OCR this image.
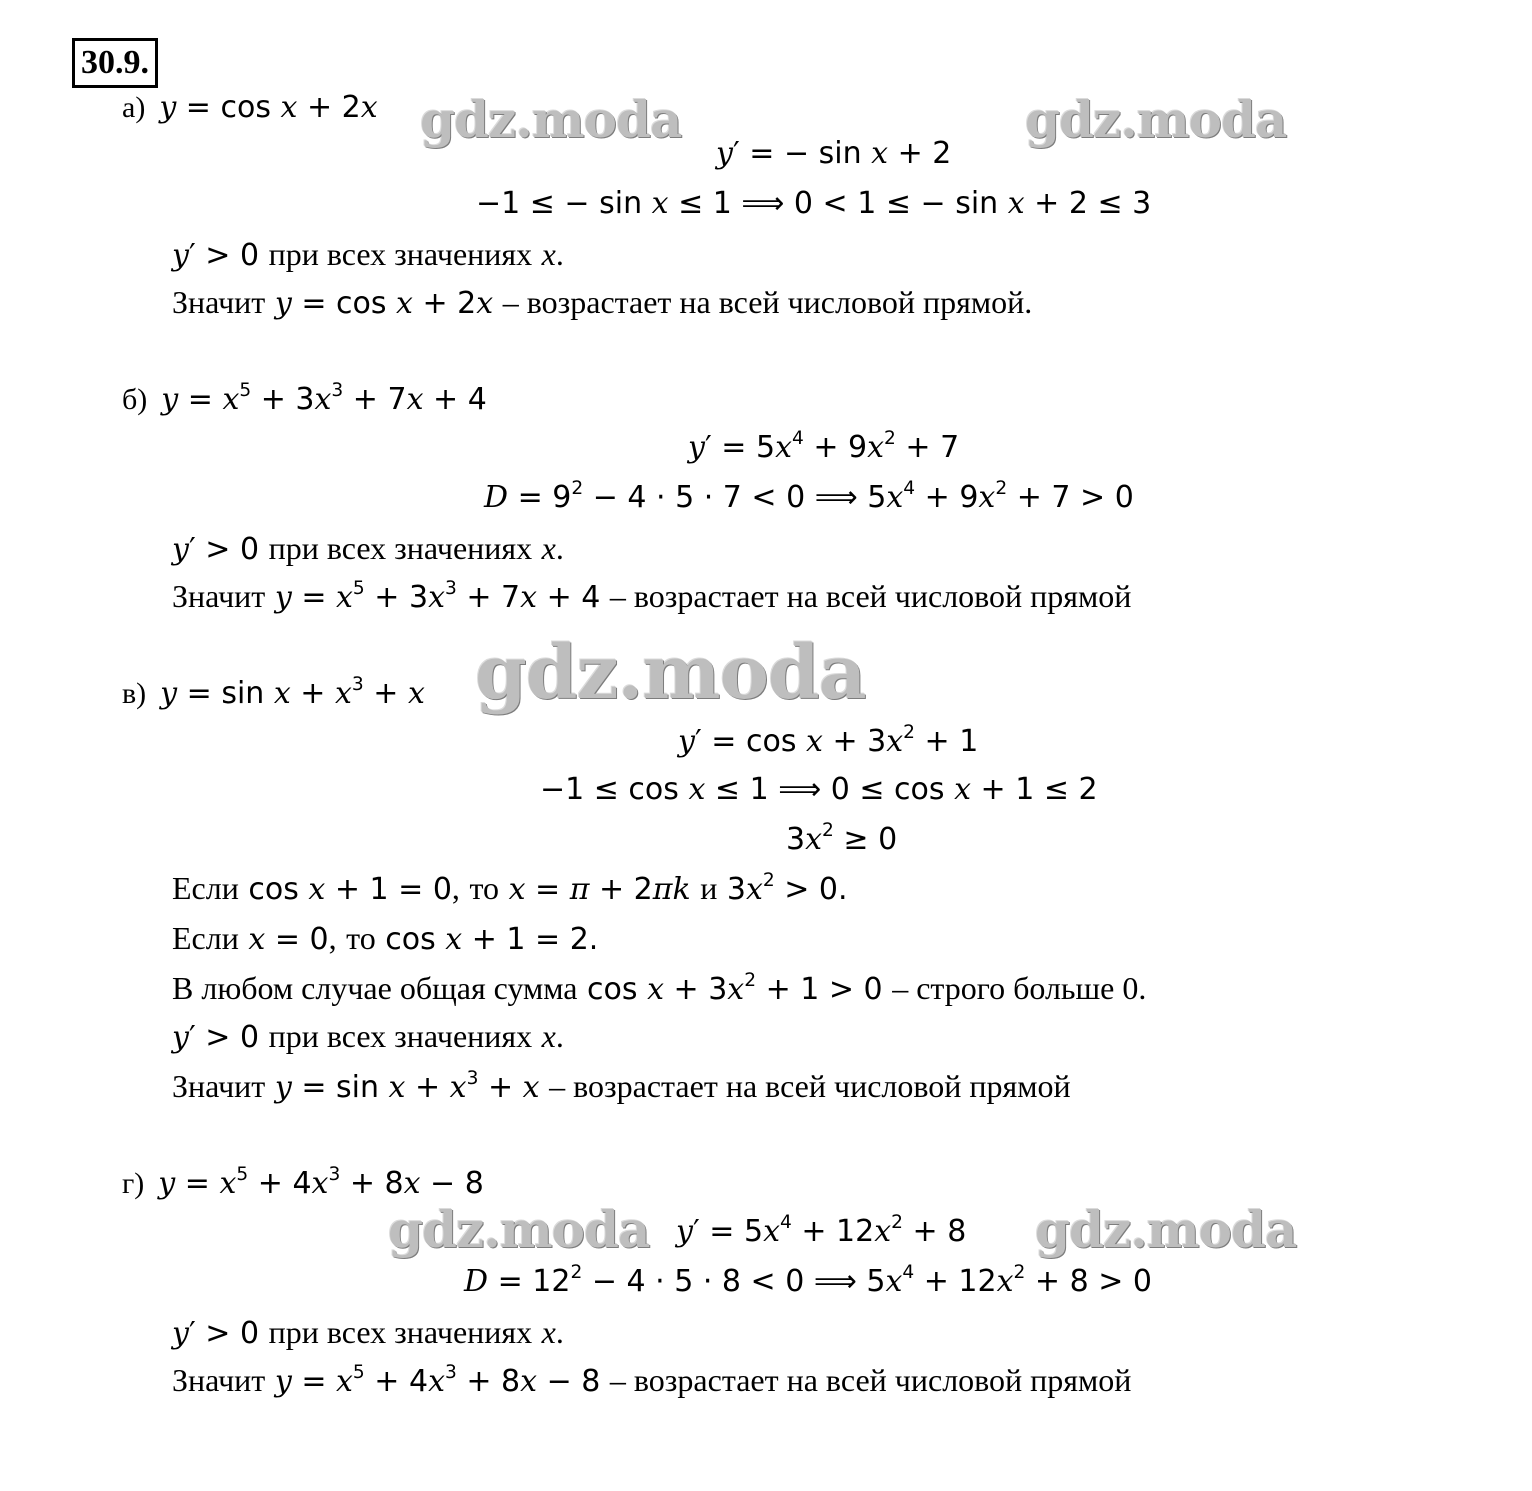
30.9.
gdz.moda	gdz.moda
gdz.moda
gdz.moda	gdz.moda
а) y = cos x + 2x
y′ = − sin x + 2
−1 ≤ − sin x ≤ 1 ⟹ 0 < 1 ≤ − sin x + 2 ≤ 3
y′ > 0 при всех значениях x.
Значит y = cos x + 2x – возрастает на всей числовой прямой.
б) $y = x^5 + 3x^3 + 7x + 4$
$y' = 5x^4 + 9x^2 + 7$
$D = 9^2 - 4 \cdot 5 \cdot 7 < 0$ ⟹ $5x^4 + 9x^2 + 7 > 0$
y′ > 0 при всех значениях x.
Значит $y = x^5 + 3x^3 + 7x + 4$ – возрастает на всей числовой прямой
в) $y = \sin x + x^3 + x$
$y' = \cos x + 3x^2 + 1$
−1 ≤ cos x ≤ 1 ⟹ 0 ≤ cos x + 1 ≤ 2
$3x^2 \ge 0$
Если cos x + 1 = 0, то x = π + 2πk и $3x^2 > 0$.
Если x = 0, то cos x + 1 = 2.
В любом случае общая сумма $\cos x + 3x^2 + 1 > 0$ – строго больше 0.
y′ > 0 при всех значениях x.
Значит $y = \sin x + x^3 + x$ – возрастает на всей числовой прямой
г) $y = x^5 + 4x^3 + 8x - 8$
$y' = 5x^4 + 12x^2 + 8$
$D = 12^2 - 4 \cdot 5 \cdot 8 < 0$ ⟹ $5x^4 + 12x^2 + 8 > 0$
y′ > 0 при всех значениях x.
Значит $y = x^5 + 4x^3 + 8x - 8$ – возрастает на всей числовой прямой
